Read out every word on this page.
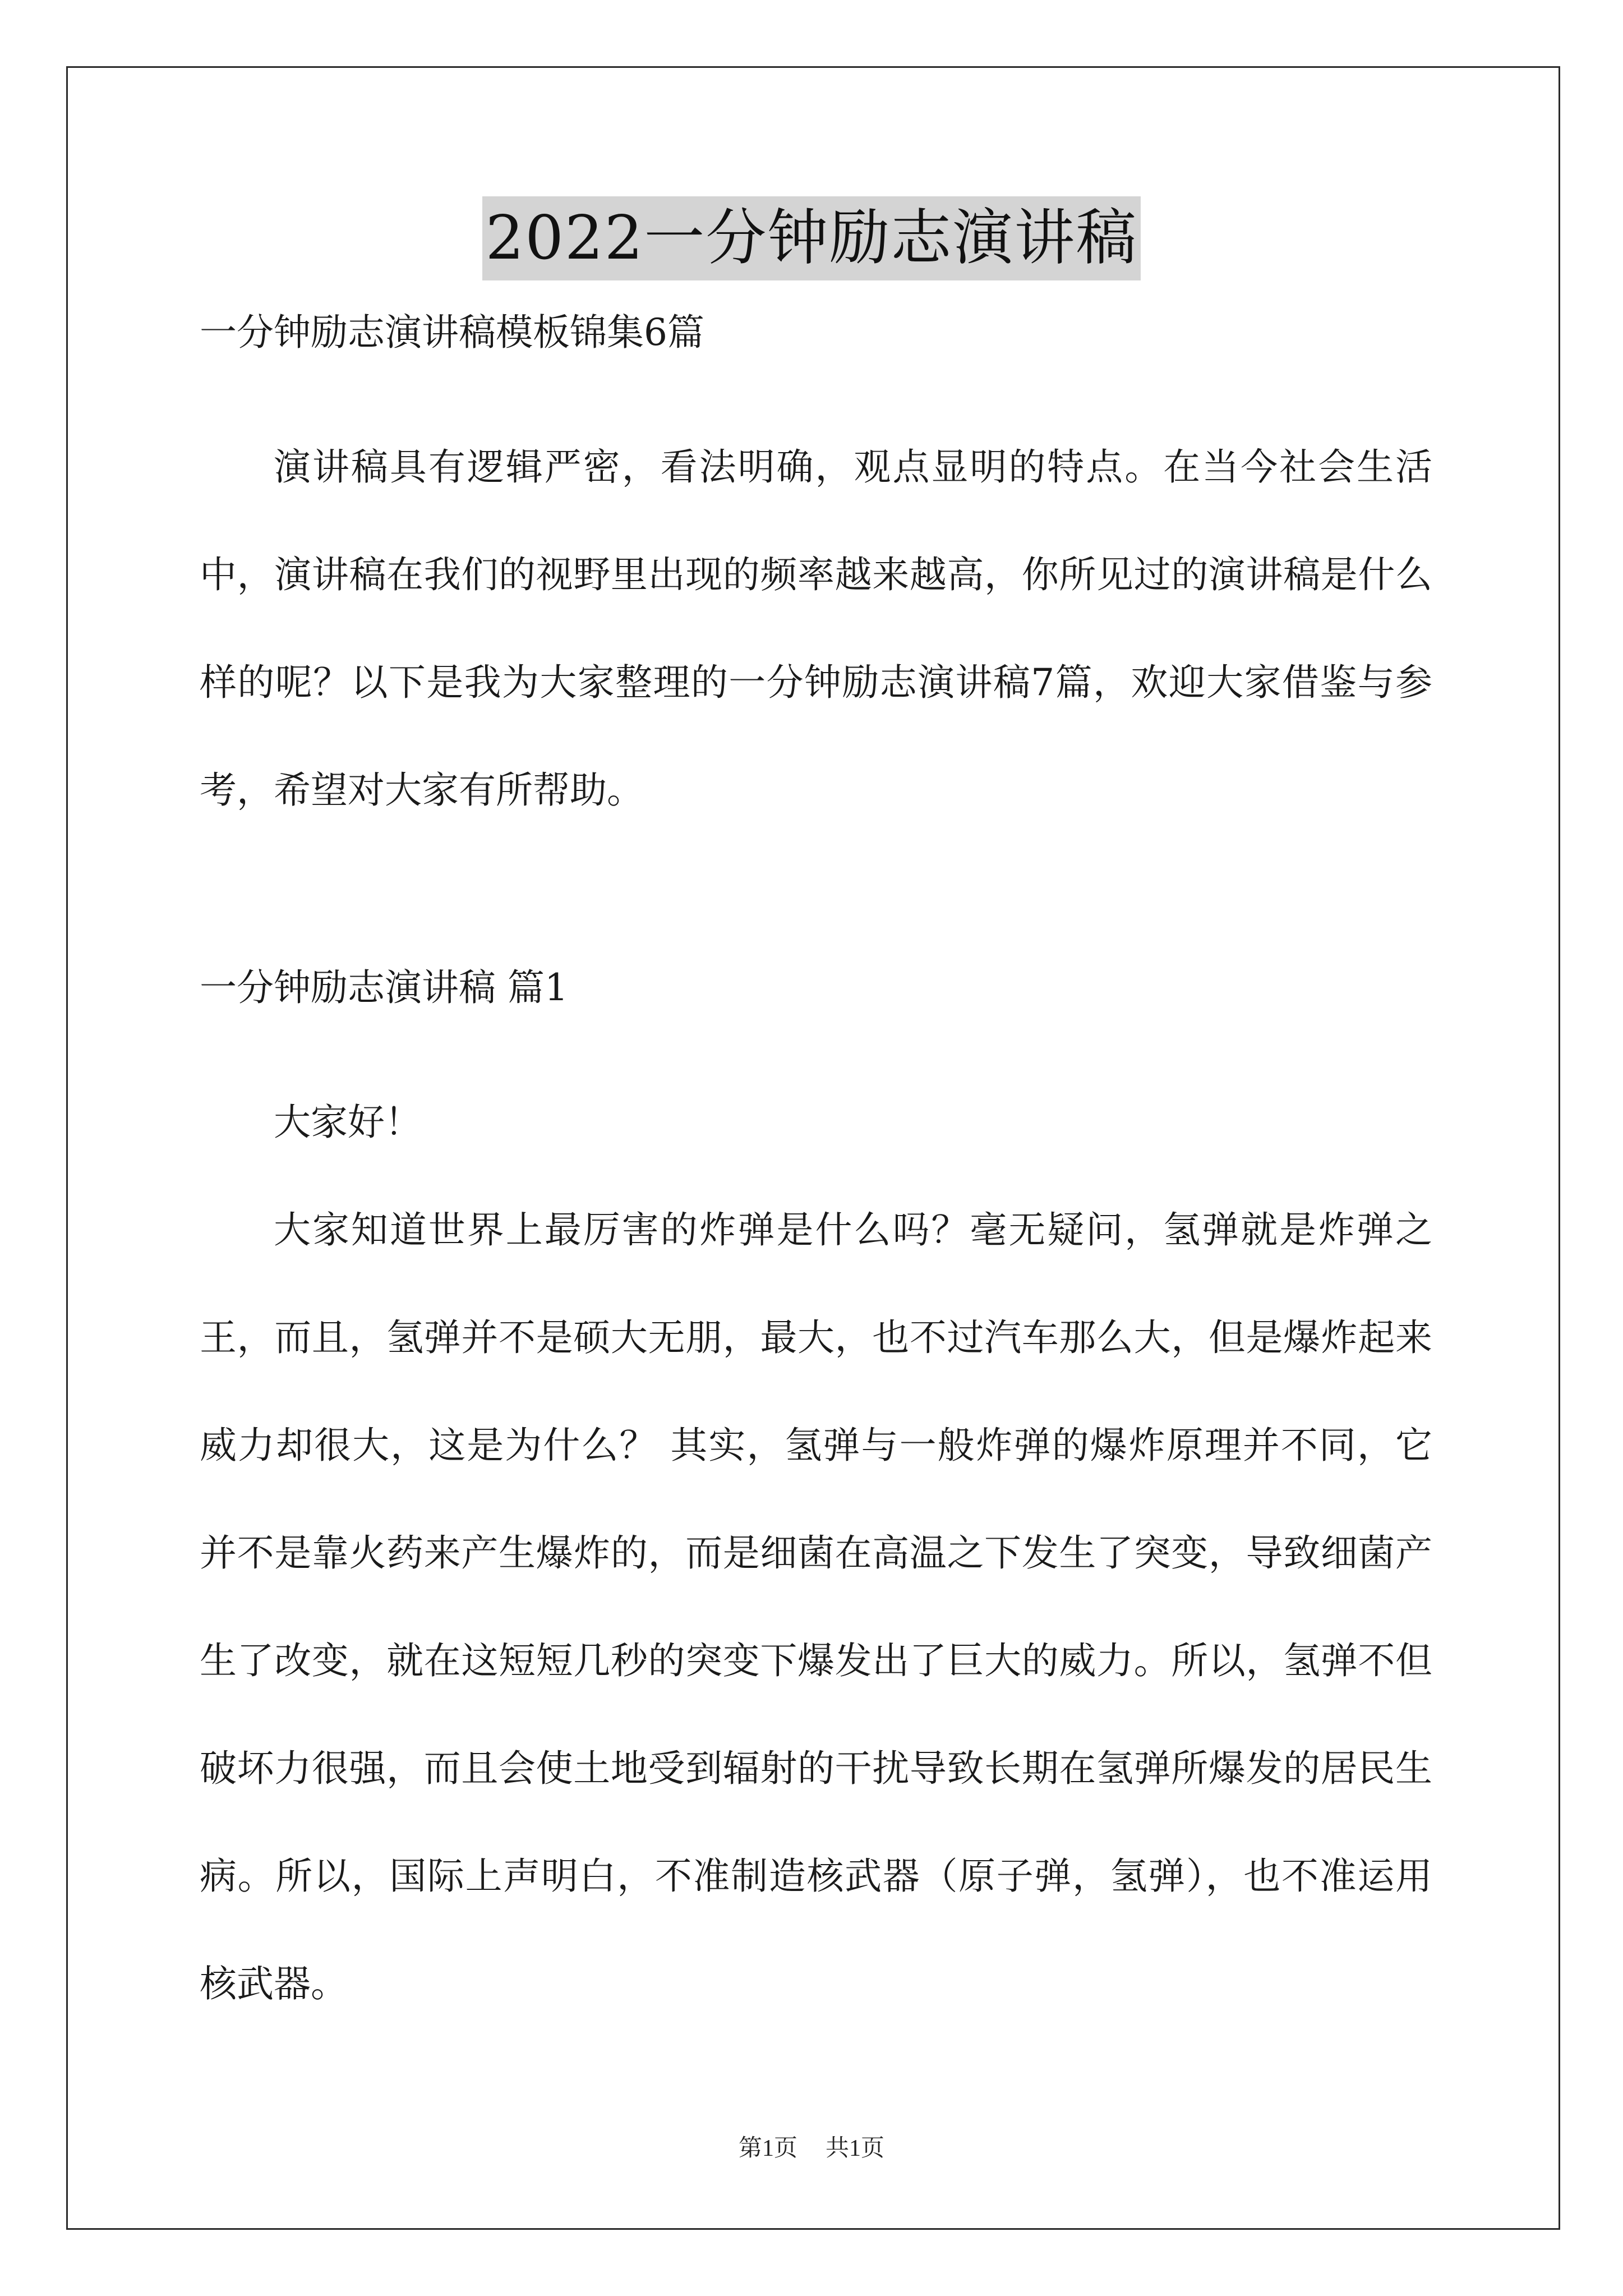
2022一分钟励志演讲稿
一分钟励志演讲稿模板锦集6篇

演讲稿具有逻辑严密，看法明确，观点显明的特点。在当今社会生活中，演讲稿在我们的视野里出现的频率越来越高，你所见过的演讲稿是什么样的呢？以下是我为大家整理的一分钟励志演讲稿7篇，欢迎大家借鉴与参考，希望对大家有所帮助。

一分钟励志演讲稿 篇1

大家好！

大家知道世界上最厉害的炸弹是什么吗？毫无疑问，氢弹就是炸弹之王，而且，氢弹并不是硕大无朋，最大，也不过汽车那么大，但是爆炸起来威力却很大，这是为什么？ 其实，氢弹与一般炸弹的爆炸原理并不同，它并不是靠火药来产生爆炸的，而是细菌在高温之下发生了突变，导致细菌产生了改变，就在这短短几秒的突变下爆发出了巨大的威力。所以，氢弹不但破坏力很强，而且会使土地受到辐射的干扰导致长期在氢弹所爆发的居民生病。所以，国际上声明白，不准制造核武器（原子弹，氢弹），也不准运用核武器。

第1页 共1页
